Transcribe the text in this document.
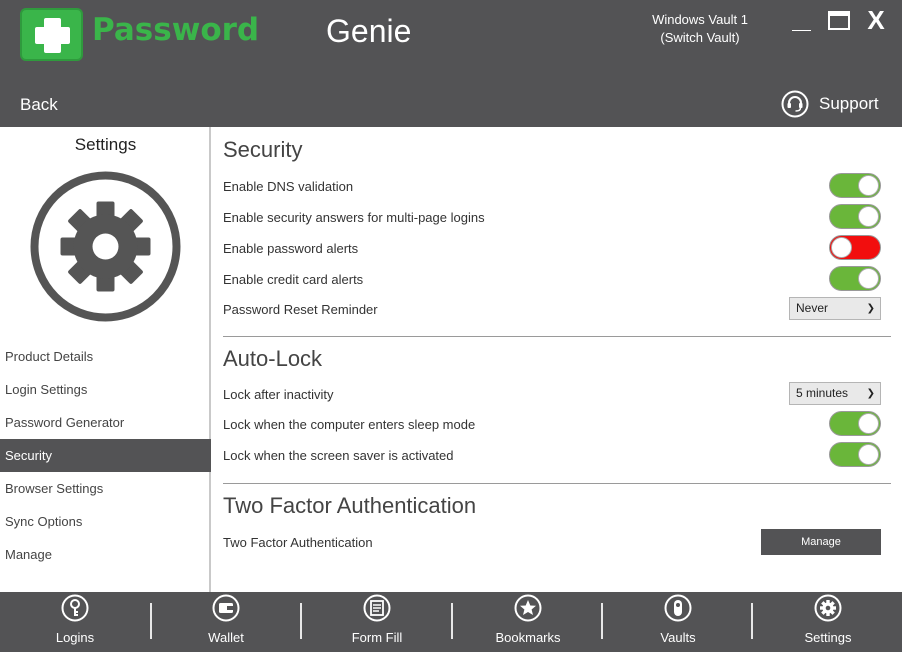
Password Genie	Windows Vault 1
(Switch Vault)
X
Back	Support
Settings
Product Details
Login Settings
Password Generator
Security
Browser Settings
Sync Options
Manage
Security
Enable DNS validation
Enable security answers for multi-page logins
Enable password alerts
Enable credit card alerts
Password Reset Reminder	Never	❯
Auto-Lock
Lock after inactivity	5 minutes ❯
Lock when the computer enters sleep mode
Lock when the screen saver is activated
Two Factor Authentication
Two Factor Authentication	Manage
Logins	Wallet	Form Fill	Bookmarks	Vaults	Settings
